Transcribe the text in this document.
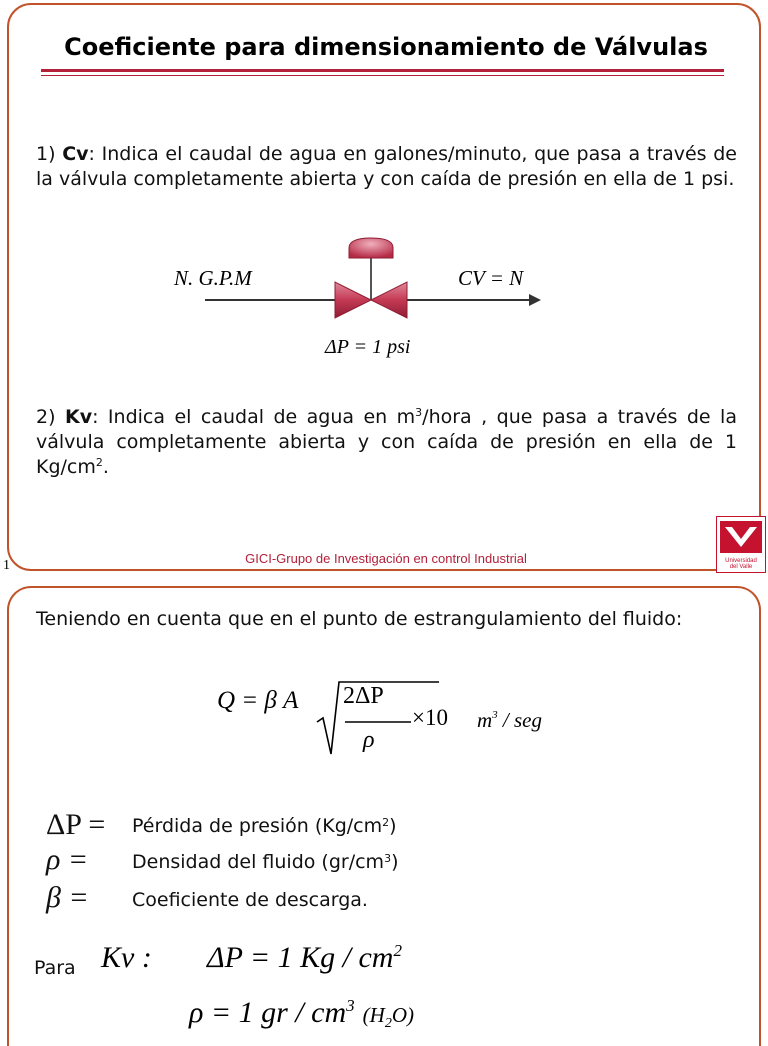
Coeficiente para dimensionamiento de Válvulas
1) Cv: Indica el caudal de agua en galones/minuto, que pasa a través de la válvula completamente abierta y con caída de presión en ella de 1 psi.
N. G.P.M	CV = N
ΔP = 1 psi
2) Kv: Indica el caudal de agua en $m^3$/hora , que pasa a través de la válvula completamente abierta y con caída de presión en ella de 1 $Kg/cm^2$.
GICI-Grupo de Investigación en control Industrial
1	Universidad
del Valle
Teniendo en cuenta que en el punto de estrangulamiento del fluido:
Q = β A 2ΔP
ρ
×10 $m^3$ / seg
ΔP = Pérdida de presión $(Kg/cm^2)$
ρ = Densidad del fluido $(gr/cm^3)$
β = Coeficiente de descarga.
Para Kv : ΔP = 1 Kg / $cm^2$
ρ = 1 gr / $cm^3$ $(H_2O)$
